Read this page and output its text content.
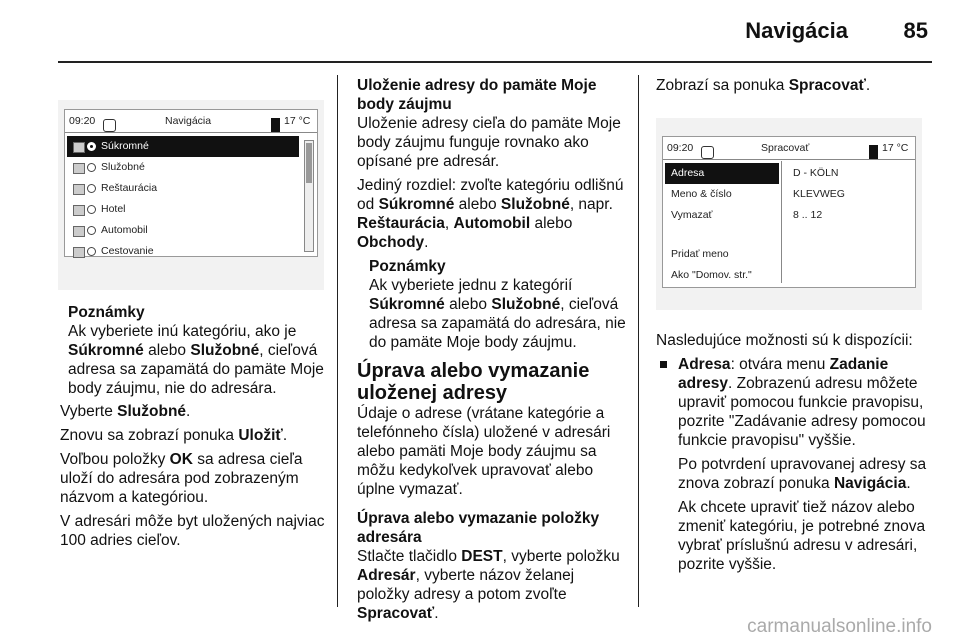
Navigácia	85
09:20	Navigácia	17 °C
Súkromné
Služobné
Reštaurácia
Hotel
Automobil
Cestovanie
Poznámky
Ak vyberiete inú kategóriu, ako je Súkromné alebo Služobné, cieľová adresa sa zapamätá do pamäte Moje body záujmu, nie do adresára.

Vyberte Služobné.

Znovu sa zobrazí ponuka Uložiť.

Voľbou položky OK sa adresa cieľa uloží do adresára pod zobrazeným názvom a kategóriou.

V adresári môže byt uložených najviac 100 adries cieľov.

Uloženie adresy do pamäte Moje body záujmu

Uloženie adresy cieľa do pamäte Moje body záujmu funguje rovnako ako opísané pre adresár.

Jediný rozdiel: zvoľte kategóriu odlišnú od Súkromné alebo Služobné, napr. Reštaurácia, Automobil alebo Obchody.

Poznámky
Ak vyberiete jednu z kategórií Súkromné alebo Služobné, cieľová adresa sa zapamätá do adresára, nie do pamäte Moje body záujmu.
Úprava alebo vymazanie uloženej adresy

Údaje o adrese (vrátane kategórie a telefónneho čísla) uložené v adresári alebo pamäti Moje body záujmu sa môžu kedykoľvek upravovať alebo úplne vymazať.

Úprava alebo vymazanie položky adresára

Stlačte tlačidlo DEST, vyberte položku Adresár, vyberte názov želanej položky adresy a potom zvoľte Spracovať.

Zobrazí sa ponuka Spracovať.
09:20	Spracovať	17 °C
Adresa
Meno & číslo
Vymazať
Pridať meno
Ako "Domov. str."
D - KÖLN
KLEVWEG
8 .. 12

Nasledujúce možnosti sú k dispozícii:

Adresa: otvára menu Zadanie adresy. Zobrazenú adresu môžete upraviť pomocou funkcie pravopisu, pozrite "Zadávanie adresy pomocou funkcie pravopisu" vyššie.

Po potvrdení upravovanej adresy sa znova zobrazí ponuka Navigácia.

Ak chcete upraviť tiež názov alebo zmeniť kategóriu, je potrebné znova vybrať príslušnú adresu v adresári, pozrite vyššie.

carmanualsonline.info
